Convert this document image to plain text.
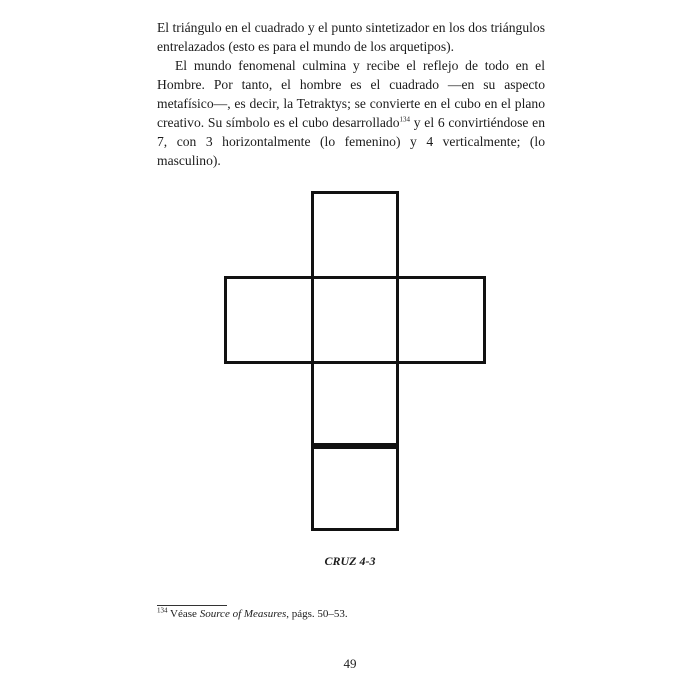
El triángulo en el cuadrado y el punto sintetizador en los dos triángulos entrelazados (esto es para el mundo de los arquetipos).

El mundo fenomenal culmina y recibe el reflejo de todo en el Hombre. Por tanto, el hombre es el cuadrado —en su aspecto metafísico—, es decir, la Tetraktys; se convierte en el cubo en el plano creativo. Su símbolo es el cubo desarrollado$^{134}$ y el 6 convirtiéndose en 7, con 3 horizontalmente (lo femenino) y 4 verticalmente; (lo masculino).

CRUZ 4-3
$^{134}$ Véase Source of Measures, págs. 50–53.
49
